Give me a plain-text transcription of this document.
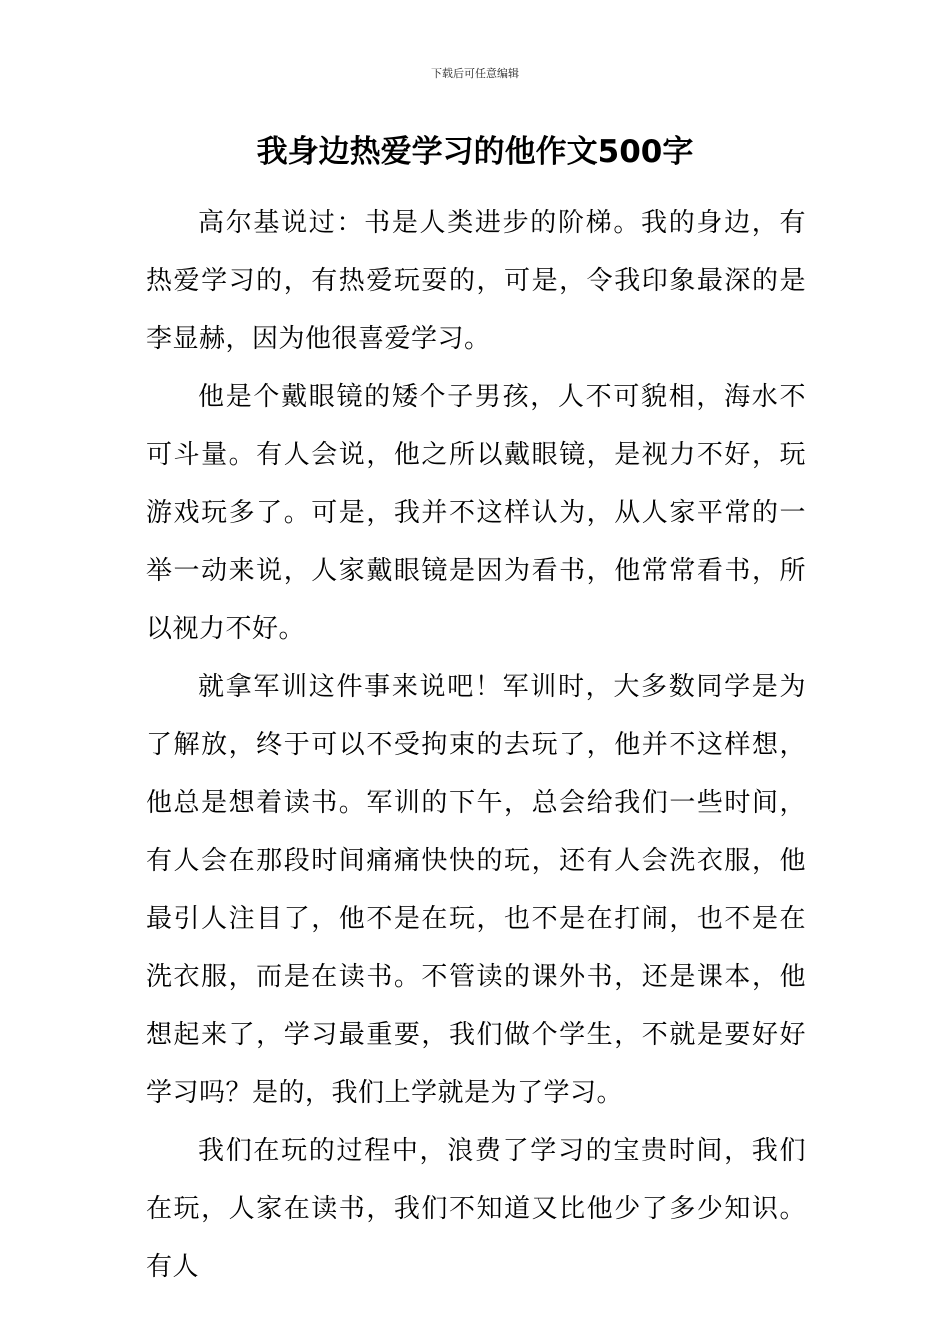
下载后可任意编辑
我身边热爱学习的他作文500字

高尔基说过：书是人类进步的阶梯。我的身边，有热爱学习的，有热爱玩耍的，可是，令我印象最深的是李显赫，因为他很喜爱学习。

他是个戴眼镜的矮个子男孩，人不可貌相，海水不可斗量。有人会说，他之所以戴眼镜，是视力不好，玩游戏玩多了。可是，我并不这样认为，从人家平常的一举一动来说，人家戴眼镜是因为看书，他常常看书，所以视力不好。

就拿军训这件事来说吧！军训时，大多数同学是为了解放，终于可以不受拘束的去玩了，他并不这样想，他总是想着读书。军训的下午，总会给我们一些时间，有人会在那段时间痛痛快快的玩，还有人会洗衣服，他最引人注目了，他不是在玩，也不是在打闹，也不是在洗衣服，而是在读书。不管读的课外书，还是课本，他想起来了，学习最重要，我们做个学生，不就是要好好学习吗？是的，我们上学就是为了学习。

我们在玩的过程中，浪费了学习的宝贵时间，我们在玩，人家在读书，我们不知道又比他少了多少知识。有人
